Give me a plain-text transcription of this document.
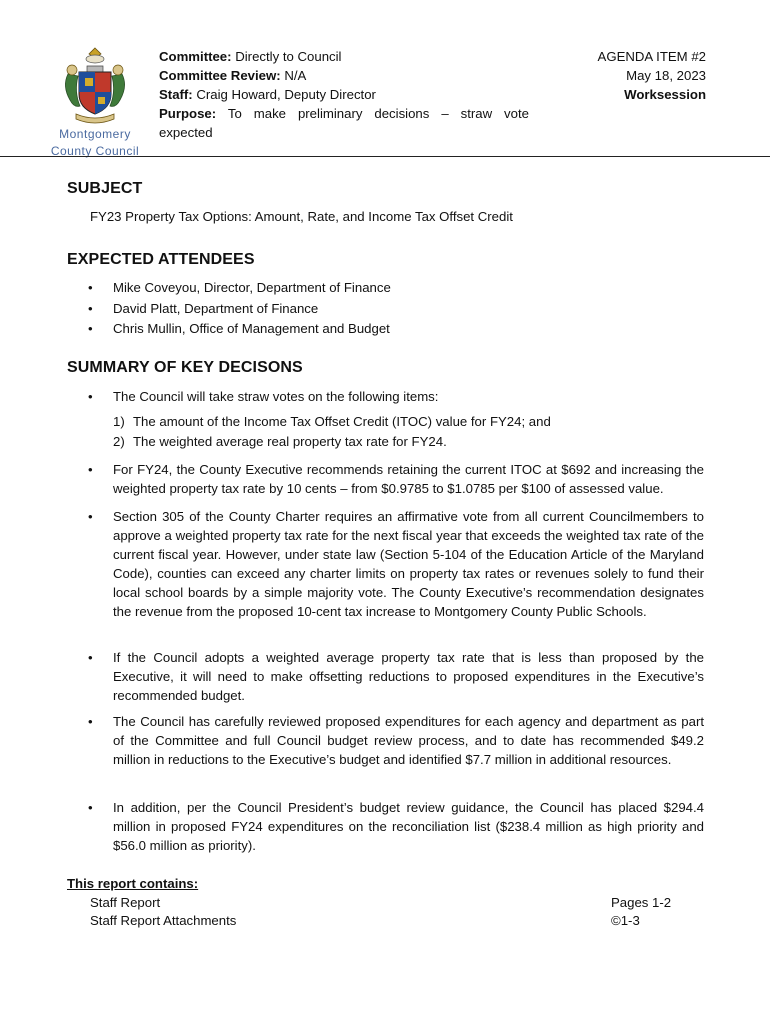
Montgomery
County Council
Committee: Directly to Council
Committee Review: N/A
Staff: Craig Howard, Deputy Director
Purpose: To make preliminary decisions – straw vote expected
AGENDA ITEM #2
May 18, 2023
Worksession
SUBJECT
FY23 Property Tax Options: Amount, Rate, and Income Tax Offset Credit
EXPECTED ATTENDEES
•	Mike Coveyou, Director, Department of Finance
•	David Platt, Department of Finance
•	Chris Mullin, Office of Management and Budget
SUMMARY OF KEY DECISONS
•	The Council will take straw votes on the following items:
1) The amount of the Income Tax Offset Credit (ITOC) value for FY24; and
2) The weighted average real property tax rate for FY24.
•	For FY24, the County Executive recommends retaining the current ITOC at $692 and increasing the weighted property tax rate by 10 cents – from $0.9785 to $1.0785 per $100 of assessed value.
•	Section 305 of the County Charter requires an affirmative vote from all current Councilmembers to approve a weighted property tax rate for the next fiscal year that exceeds the weighted tax rate of the current fiscal year. However, under state law (Section 5-104 of the Education Article of the Maryland Code), counties can exceed any charter limits on property tax rates or revenues solely to fund their local school boards by a simple majority vote. The County Executive’s recommendation designates the revenue from the proposed 10-cent tax increase to Montgomery County Public Schools.
•	If the Council adopts a weighted average property tax rate that is less than proposed by the Executive, it will need to make offsetting reductions to proposed expenditures in the Executive’s recommended budget.
•	The Council has carefully reviewed proposed expenditures for each agency and department as part of the Committee and full Council budget review process, and to date has recommended $49.2 million in reductions to the Executive’s budget and identified $7.7 million in additional resources.
•	In addition, per the Council President’s budget review guidance, the Council has placed $294.4 million in proposed FY24 expenditures on the reconciliation list ($238.4 million as high priority and $56.0 million as priority).
This report contains:
Staff Report	Pages 1-2
Staff Report Attachments	©1-3
